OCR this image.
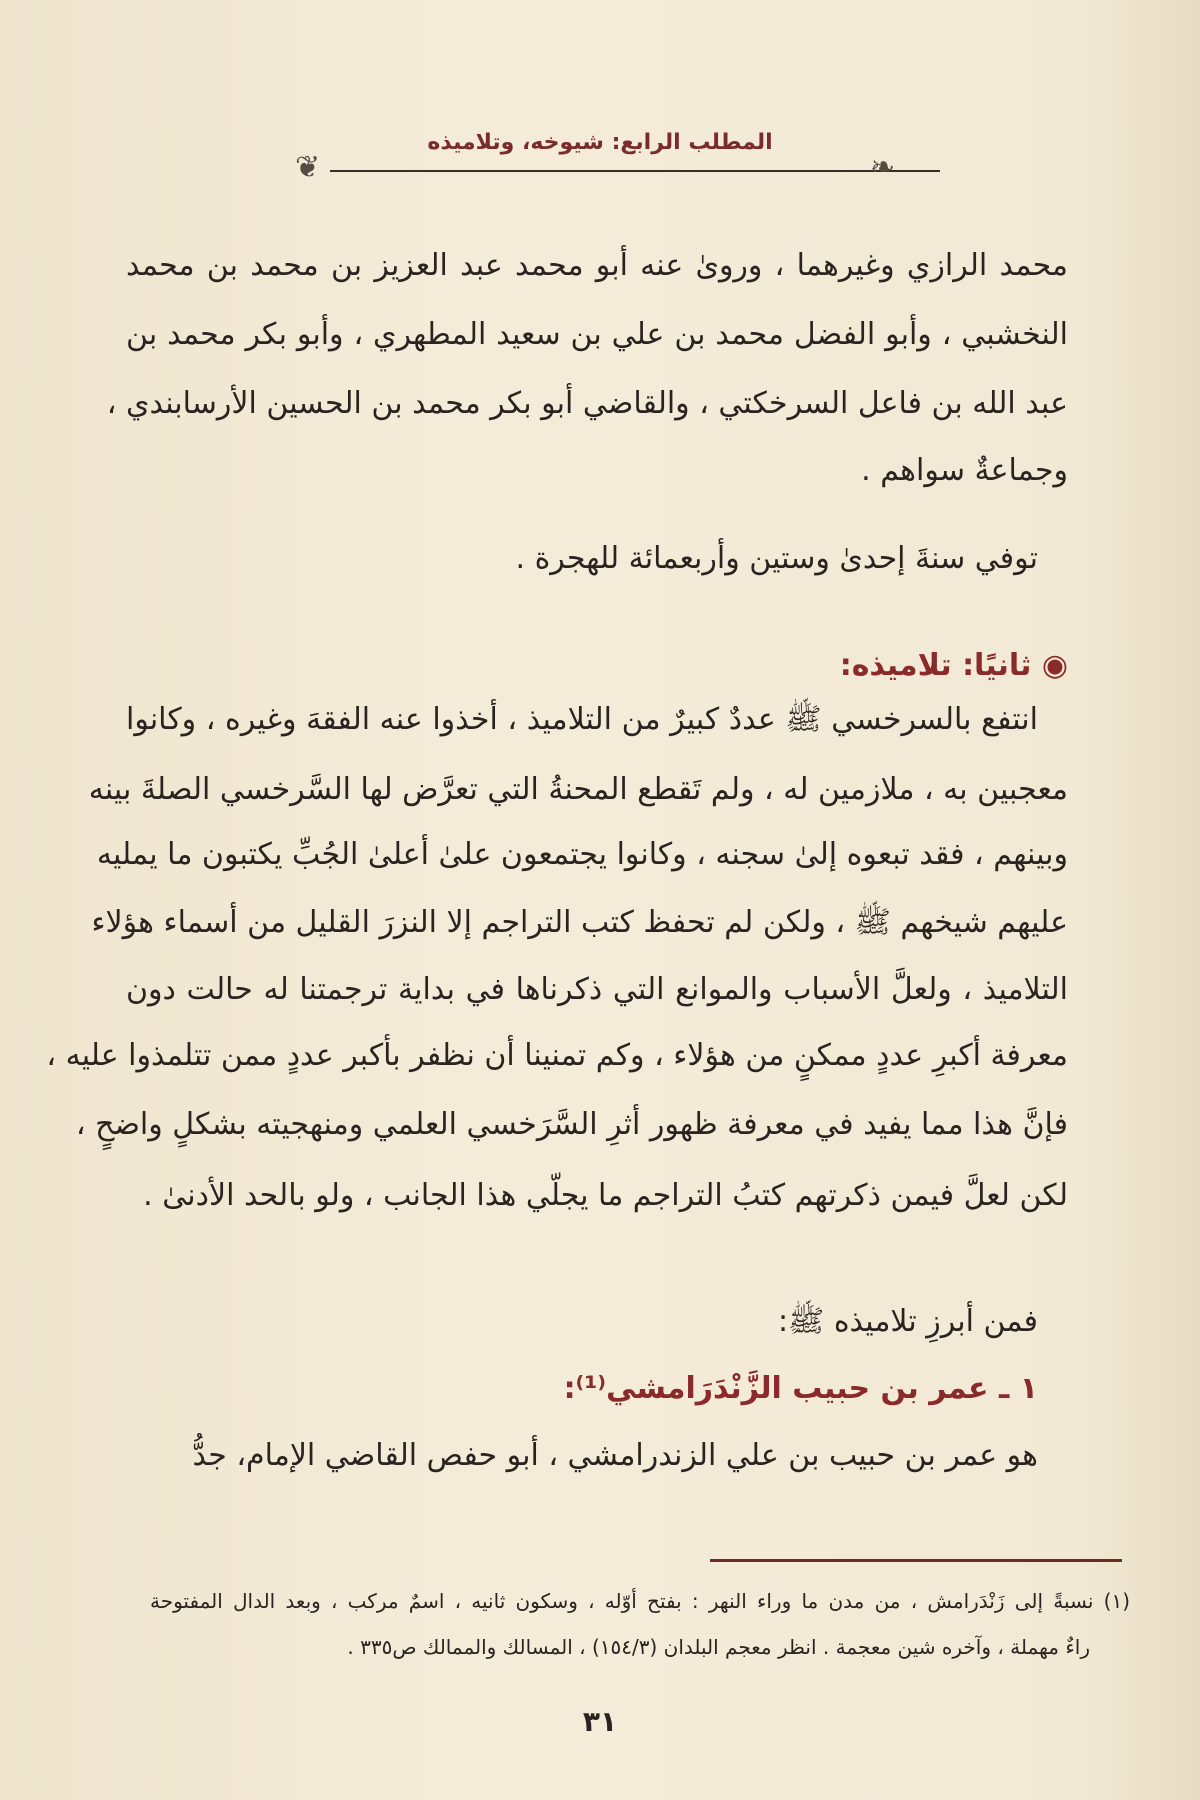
المطلب الرابع: شيوخه، وتلاميذه
❦	❧
محمد الرازي وغيرهما ، وروىٰ عنه أبو محمد عبد العزيز بن محمد بن محمد
النخشبي ، وأبو الفضل محمد بن علي بن سعيد المطهري ، وأبو بكر محمد بن
عبد الله بن فاعل السرخكتي ، والقاضي أبو بكر محمد بن الحسين الأرسابندي ،
وجماعةٌ سواهم .
توفي سنةَ إحدىٰ وستين وأربعمائة للهجرة .
◉ ثانيًا: تلاميذه:
انتفع بالسرخسي ﷺ عددٌ كبيرٌ من التلاميذ ، أخذوا عنه الفقهَ وغيره ، وكانوا
معجبين به ، ملازمين له ، ولم تَقطع المحنةُ التي تعرَّض لها السَّرخسي الصلةَ بينه
وبينهم ، فقد تبعوه إلىٰ سجنه ، وكانوا يجتمعون علىٰ أعلىٰ الجُبِّ يكتبون ما يمليه
عليهم شيخهم ﷺ ، ولكن لم تحفظ كتب التراجم إلا النزرَ القليل من أسماء هؤلاء
التلاميذ ، ولعلَّ الأسباب والموانع التي ذكرناها في بداية ترجمتنا له حالت دون
معرفة أكبرِ عددٍ ممكنٍ من هؤلاء ، وكم تمنينا أن نظفر بأكبر عددٍ ممن تتلمذوا عليه ،
فإنَّ هذا مما يفيد في معرفة ظهور أثرِ السَّرَخسي العلمي ومنهجيته بشكلٍ واضحٍ ،
لكن لعلَّ فيمن ذكرتهم كتبُ التراجم ما يجلّي هذا الجانب ، ولو بالحد الأدنىٰ .
فمن أبرزِ تلاميذه ﷺ:
١ ـ عمر بن حبيب الزَّنْدَرَامشي⁽¹⁾:
هو عمر بن حبيب بن علي الزندرامشي ، أبو حفص القاضي الإمام، جدُّ
(١) نسبةً إلى زَنْدَرامش ، من مدن ما وراء النهر : بفتح أوّله ، وسكون ثانيه ، اسمٌ مركب ، وبعد الدال المفتوحة
راءٌ مهملة ، وآخره شين معجمة . انظر معجم البلدان (١٥٤/٣) ، المسالك والممالك ص٣٣٥ .
٣١
